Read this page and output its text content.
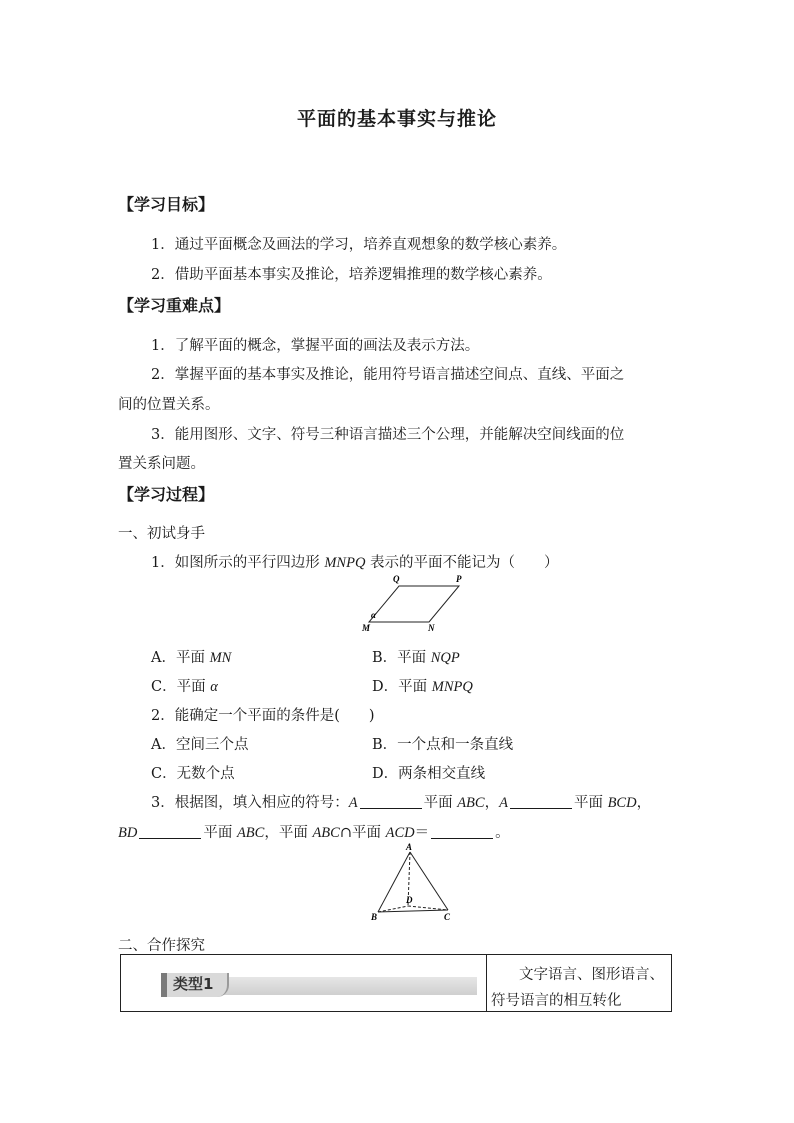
平面的基本事实与推论
【学习目标】
1．通过平面概念及画法的学习，培养直观想象的数学核心素养。
2．借助平面基本事实及推论，培养逻辑推理的数学核心素养。
【学习重难点】
1．了解平面的概念，掌握平面的画法及表示方法。
2．掌握平面的基本事实及推论，能用符号语言描述空间点、直线、平面之
间的位置关系。
3．能用图形、文字、符号三种语言描述三个公理，并能解决空间线面的位
置关系问题。
【学习过程】
一、初试身手
1．如图所示的平行四边形 MNPQ 表示的平面不能记为（　　）
Q	P
M	N
α
A．平面 MN	B．平面 NQP
C．平面 α	D．平面 MNPQ
2．能确定一个平面的条件是(　　)
A．空间三个点	B．一个点和一条直线
C．无数个点	D．两条相交直线
3．根据图，填入相应的符号：A	平面 ABC，A	平面 BCD，
BD	平面 ABC，平面 ABC∩平面 ACD＝	。
A
B	C
D
二、合作探究
类型1	文字语言、图形语言、
符号语言的相互转化
